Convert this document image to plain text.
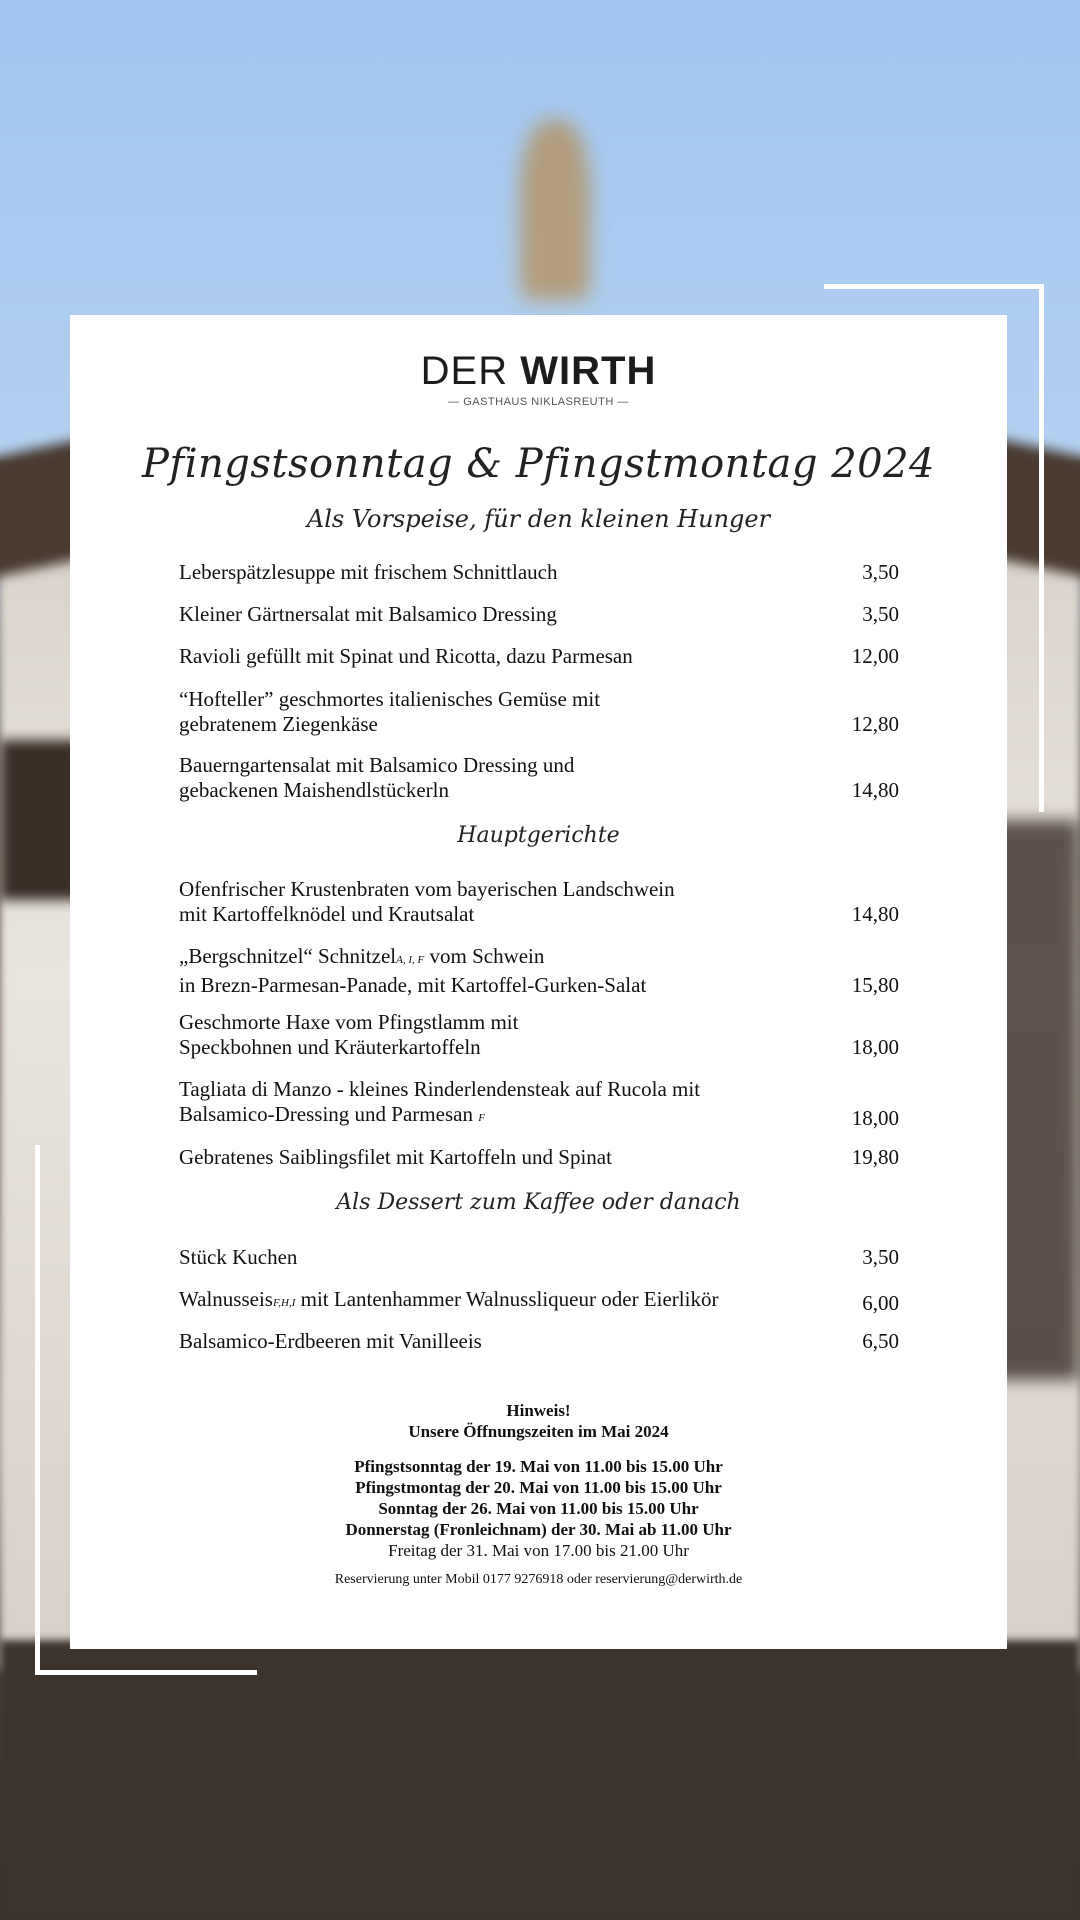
DER WIRTH
— GASTHAUS NIKLASREUTH —
Pfingstsonntag & Pfingstmontag 2024
Als Vorspeise, für den kleinen Hunger
Leberspätzlesuppe mit frischem Schnittlauch	3,50
Kleiner Gärtnersalat mit Balsamico Dressing	3,50
Ravioli gefüllt mit Spinat und Ricotta, dazu Parmesan	12,00
“Hofteller” geschmortes italienisches Gemüse mit
gebratenem Ziegenkäse	12,80
Bauerngartensalat mit Balsamico Dressing und
gebackenen Maishendlstückerln	14,80
Hauptgerichte
Ofenfrischer Krustenbraten vom bayerischen Landschwein
mit Kartoffelknödel und Krautsalat	14,80
„Bergschnitzel“ SchnitzelA, I, F vom Schwein
in Brezn-Parmesan-Panade, mit Kartoffel-Gurken-Salat	15,80
Geschmorte Haxe vom Pfingstlamm mit
Speckbohnen und Kräuterkartoffeln	18,00
Tagliata di Manzo - kleines Rinderlendensteak auf Rucola mit
Balsamico-Dressing und Parmesan F	18,00
Gebratenes Saiblingsfilet mit Kartoffeln und Spinat	19,80
Als Dessert zum Kaffee oder danach
Stück Kuchen	3,50
WalnusseisF,H,I mit Lantenhammer Walnussliqueur oder Eierlikör	6,00
Balsamico-Erdbeeren mit Vanilleeis	6,50
Hinweis!
Unsere Öffnungszeiten im Mai 2024
Pfingstsonntag der 19. Mai von 11.00 bis 15.00 Uhr
Pfingstmontag der 20. Mai von 11.00 bis 15.00 Uhr
Sonntag der 26. Mai von 11.00 bis 15.00 Uhr
Donnerstag (Fronleichnam) der 30. Mai ab 11.00 Uhr
Freitag der 31. Mai von 17.00 bis 21.00 Uhr
Reservierung unter Mobil 0177 9276918 oder reservierung@derwirth.de
